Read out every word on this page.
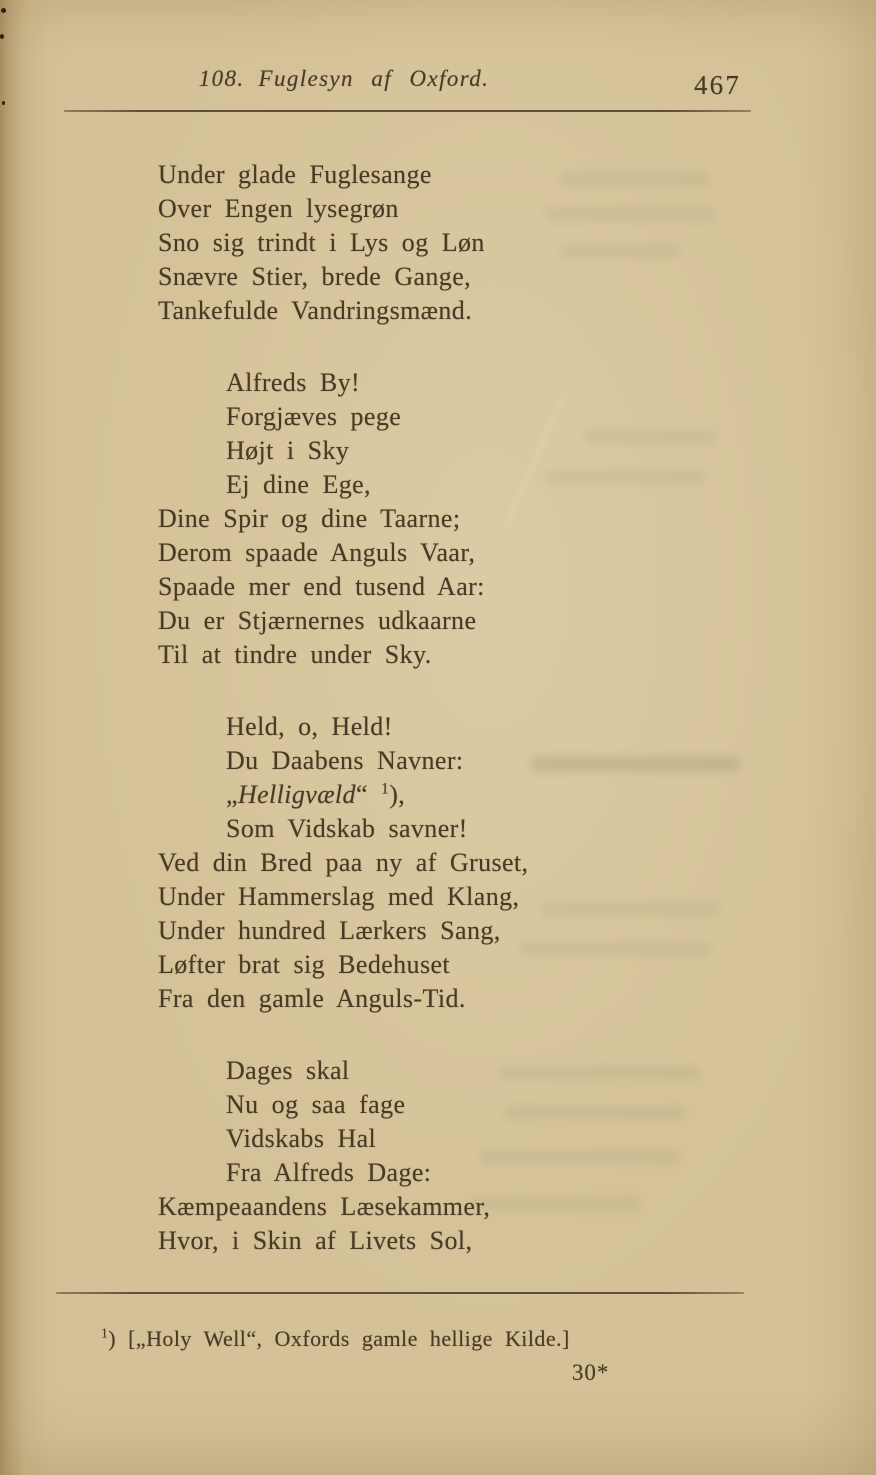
108. Fuglesyn af Oxford.	467
Under glade Fuglesange
Over Engen lysegrøn
Sno sig trindt i Lys og Løn
Snævre Stier, brede Gange,
Tankefulde Vandringsmænd.
Alfreds By!
Forgjæves pege
Højt i Sky
Ej dine Ege,
Dine Spir og dine Taarne;
Derom spaade Anguls Vaar,
Spaade mer end tusend Aar:
Du er Stjærnernes udkaarne
Til at tindre under Sky.
Held, o, Held!
Du Daabens Navner:
„Helligvæld“ $^1$),
Som Vidskab savner!
Ved din Bred paa ny af Gruset,
Under Hammerslag med Klang,
Under hundred Lærkers Sang,
Løfter brat sig Bedehuset
Fra den gamle Anguls-Tid.
Dages skal
Nu og saa fage
Vidskabs Hal
Fra Alfreds Dage:
Kæmpeaandens Læsekammer,
Hvor, i Skin af Livets Sol,
$^1$) [„Holy Well“, Oxfords gamle hellige Kilde.]
30*
